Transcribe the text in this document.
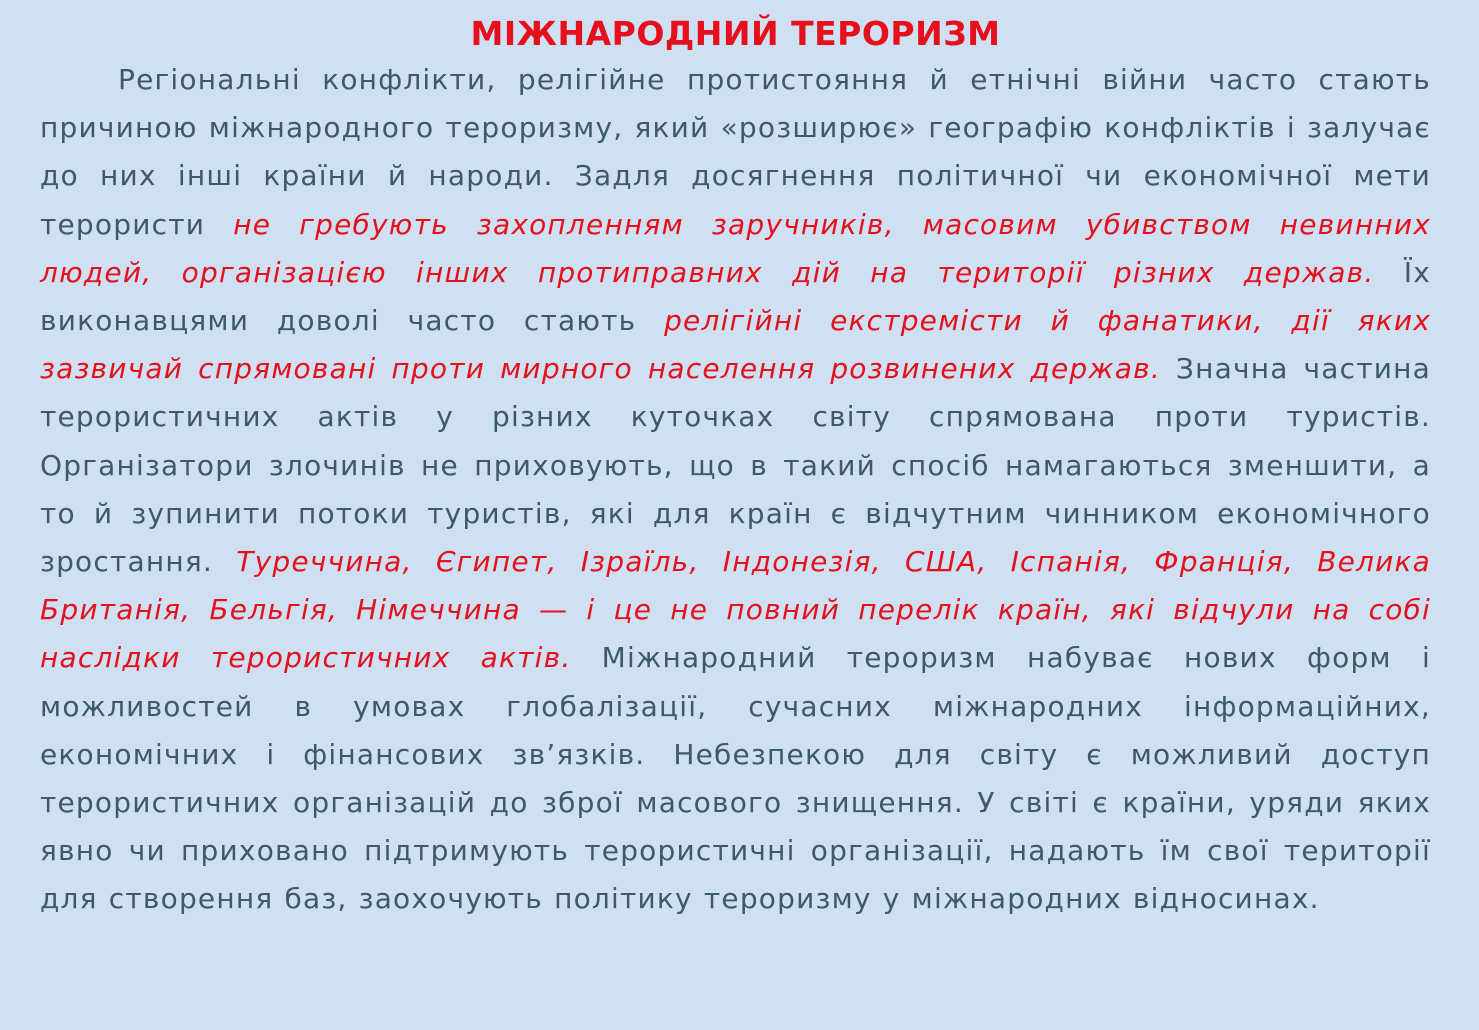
МІЖНАРОДНИЙ ТЕРОРИЗМ

Регіональні конфлікти, релігійне протистояння й етнічні війни часто стають причиною міжнародного тероризму, який «розширює» географію конфліктів і залучає до них інші країни й народи. Задля досягнення політичної чи економічної мети терористи не гребують захопленням заручників, масовим убивством невинних людей, організацією інших протиправних дій на території різних держав. Їх виконавцями доволі часто стають релігійні екстремісти й фанатики, дії яких зазвичай спрямовані проти мирного населення розвинених держав. Значна частина терористичних актів у різних куточках світу спрямована проти туристів. Організатори злочинів не приховують, що в такий спосіб намагаються зменшити, а то й зупинити потоки туристів, які для країн є відчутним чинником економічного зростання. Туреччина, Єгипет, Ізраїль, Індонезія, США, Іспанія, Франція, Велика Британія, Бельгія, Німеччина — і це не повний перелік країн, які відчули на собі наслідки терористичних актів. Міжнародний тероризм набуває нових форм і можливостей в умовах глобалізації, сучасних міжнародних інформаційних, економічних і фінансових зв’язків. Небезпекою для світу є можливий доступ терористичних організацій до зброї масового знищення. У світі є країни, уряди яких явно чи приховано підтримують терористичні організації, надають їм свої території для створення баз, заохочують політику тероризму у міжнародних відносинах.
